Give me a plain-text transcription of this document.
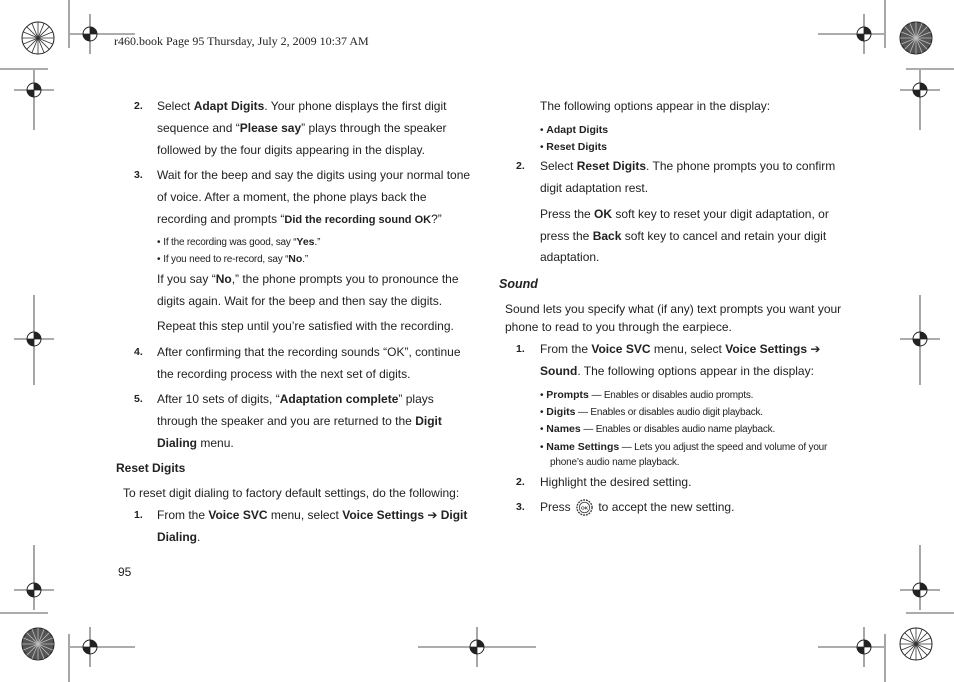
r460.book Page 95 Thursday, July 2, 2009 10:37 AM
2. Select Adapt Digits. Your phone displays the first digit
sequence and “Please say” plays through the speaker
followed by the four digits appearing in the display.
3. Wait for the beep and say the digits using your normal tone
of voice. After a moment, the phone plays back the
recording and prompts “Did the recording sound OK?”
• If the recording was good, say “Yes.”
• If you need to re-record, say “No.”
If you say “No,” the phone prompts you to pronounce the
digits again. Wait for the beep and then say the digits.
Repeat this step until you’re satisfied with the recording.
4. After confirming that the recording sounds “OK”, continue
the recording process with the next set of digits.
5. After 10 sets of digits, “Adaptation complete” plays
through the speaker and you are returned to the Digit
Dialing menu.
Reset Digits
To reset digit dialing to factory default settings, do the following:
1. From the Voice SVC menu, select Voice Settings ➔ Digit
Dialing.
95
The following options appear in the display:
• Adapt Digits
• Reset Digits
2. Select Reset Digits. The phone prompts you to confirm
digit adaptation rest.
Press the OK soft key to reset your digit adaptation, or
press the Back soft key to cancel and retain your digit
adaptation.
Sound
Sound lets you specify what (if any) text prompts you want your
phone to read to you through the earpiece.
1. From the Voice SVC menu, select Voice Settings ➔
Sound. The following options appear in the display:
• Prompts — Enables or disables audio prompts.
• Digits — Enables or disables audio digit playback.
• Names — Enables or disables audio name playback.
• Name Settings — Lets you adjust the speed and volume of your
phone’s audio name playback.
2. Highlight the desired setting.
3. Press OK to accept the new setting.
